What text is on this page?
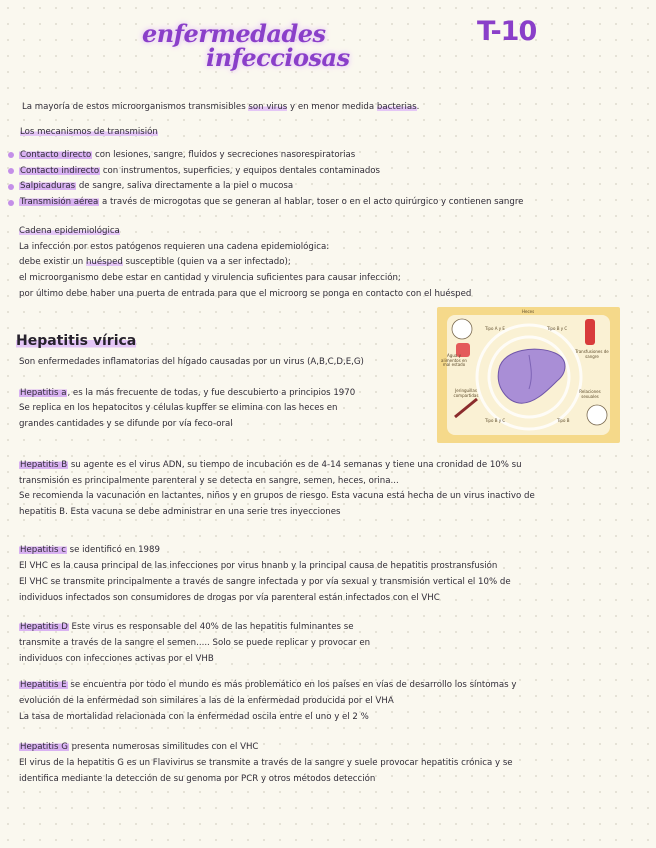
enfermedades
infecciosas
T-10
La mayoría de estos microorganismos transmisibles son virus y en menor medida bacterias.
Los mecanismos de transmisión
Contacto directo con lesiones, sangre, fluidos y secreciones nasorespiratorias
Contacto indirecto con instrumentos, superficies, y equipos dentales contaminados
Salpicaduras de sangre, saliva directamente a la piel o mucosa
Transmisión aérea a través de microgotas que se generan al hablar, toser o en el acto quirúrgico y contienen sangre
Cadena epidemiológica
La infección por estos patógenos requieren una cadena epidemiológica:
debe existir un huésped susceptible (quien va a ser infectado);
el microorganismo debe estar en cantidad y virulencia suficientes para causar infección;
por último debe haber una puerta de entrada para que el microorg se ponga en contacto con el huésped
Hepatitis vírica
Son enfermedades inflamatorias del hígado causadas por un virus (A,B,C,D,E,G)
Hepatitis a, es la más frecuente de todas, y fue descubierto a principios 1970
Se replica en los hepatocitos y células kupffer se elimina con las heces en
grandes cantidades y se difunde por vía feco-oral
Heces
Tipo A y E	Tipo B y C
Agua y alimentos en mal estado
Transfusiones de sangre
Jeringuillas compartidas
Relaciones sexuales
Tipo B y C	Tipo B
Hepatitis B su agente es el virus ADN, su tiempo de incubación es de 4-14 semanas y tiene una cronidad de 10% su
transmisión es principalmente parenteral y se detecta en sangre, semen, heces, orina...
Se recomienda la vacunación en lactantes, niños y en grupos de riesgo. Esta vacuna está hecha de un virus inactivo de
hepatitis B. Esta vacuna se debe administrar en una serie tres inyecciones
Hepatitis c se identificó en 1989
El VHC es la causa principal de las infecciones por virus hnanb y la principal causa de hepatitis prostransfusión
El VHC se transmite principalmente a través de sangre infectada y por vía sexual y transmisión vertical el 10% de
individuos infectados son consumidores de drogas por vía parenteral están infectados con el VHC
Hepatitis D Este virus es responsable del 40% de las hepatitis fulminantes se
transmite a través de la sangre el semen..... Solo se puede replicar y provocar en
individuos con infecciones activas por el VHB
Hepatitis E se encuentra por todo el mundo es más problemático en los países en vías de desarrollo los síntomas y
evolución de la enfermedad son similares a las de la enfermedad producida por el VHA
La tasa de mortalidad relacionada con la enfermedad oscila entre el uno y el 2 %
Hepatitis G presenta numerosas similitudes con el VHC
El virus de la hepatitis G es un Flavivirus se transmite a través de la sangre y suele provocar hepatitis crónica y se
identifica mediante la detección de su genoma por PCR y otros métodos detección
